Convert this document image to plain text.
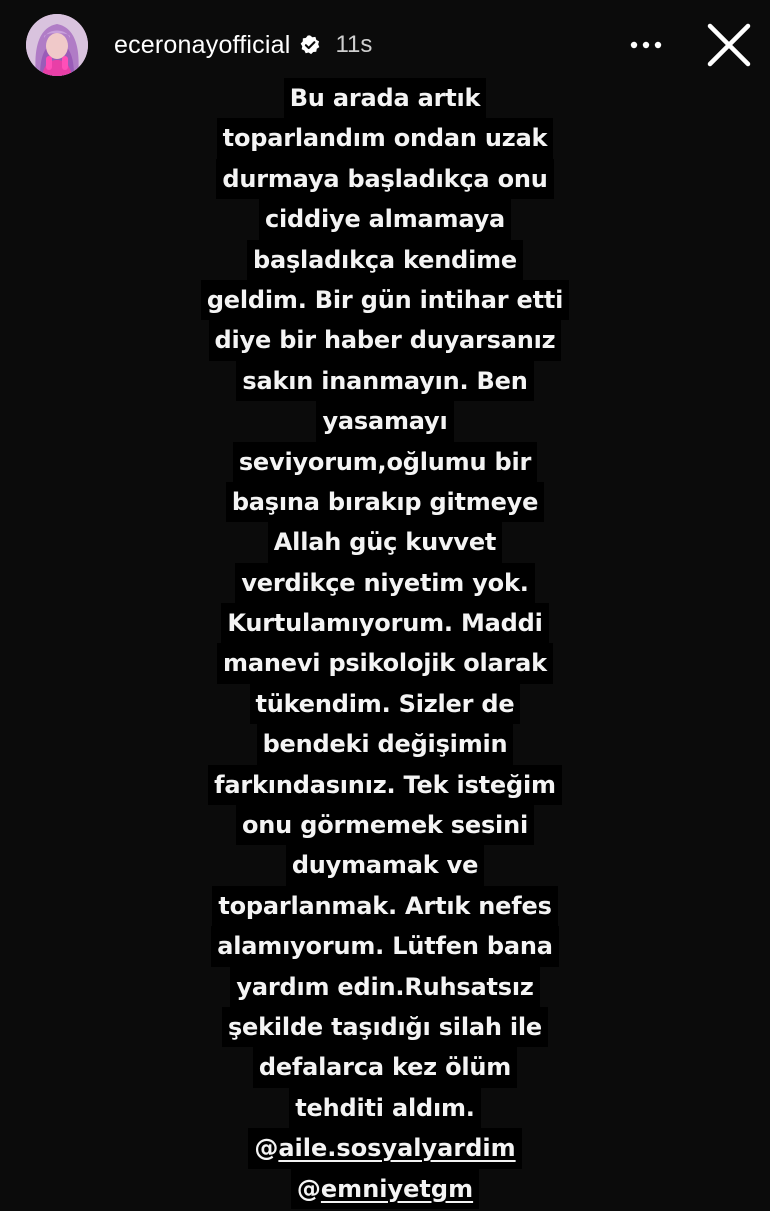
eceronayofficial 11s
Bu arada artık
toparlandım ondan uzak
durmaya başladıkça onu
ciddiye almamaya
başladıkça kendime
geldim. Bir gün intihar etti
diye bir haber duyarsanız
sakın inanmayın. Ben
yasamayı
seviyorum,oğlumu bir
başına bırakıp gitmeye
Allah güç kuvvet
verdikçe niyetim yok.
Kurtulamıyorum. Maddi
manevi psikolojik olarak
tükendim. Sizler de
bendeki değişimin
farkındasınız. Tek isteğim
onu görmemek sesini
duymamak ve
toparlanmak. Artık nefes
alamıyorum. Lütfen bana
yardım edin.Ruhsatsız
şekilde taşıdığı silah ile
defalarca kez ölüm
tehditi aldım.
@aile.sosyalyardim
@emniyetgm
